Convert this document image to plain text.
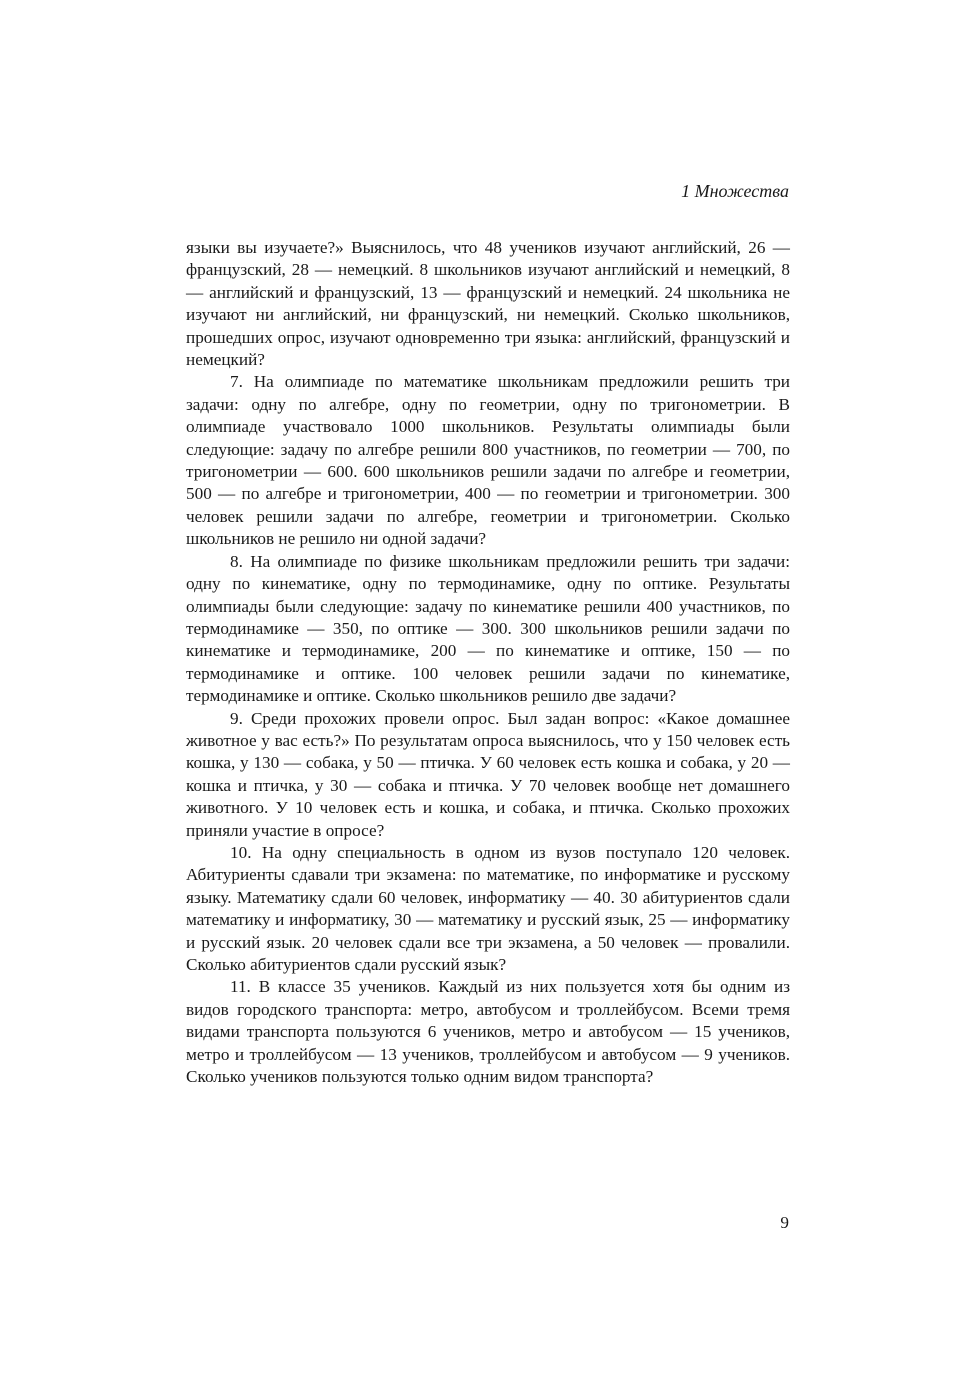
1 Множества

языки вы изучаете?» Выяснилось, что 48 учеников изучают английский, 26 — французский, 28 — немецкий. 8 школьников изучают английский и немецкий, 8 — английский и французский, 13 — французский и немецкий. 24 школьника не изучают ни английский, ни французский, ни немецкий. Сколько школьников, прошедших опрос, изучают одновременно три языка: английский, французский и немецкий?

7. На олимпиаде по математике школьникам предложили решить три задачи: одну по алгебре, одну по геометрии, одну по тригонометрии. В олимпиаде участвовало 1000 школьников. Результаты олимпиады были следующие: задачу по алгебре решили 800 участников, по геометрии — 700, по тригонометрии — 600. 600 школьников решили задачи по алгебре и геометрии, 500 — по алгебре и тригонометрии, 400 — по геометрии и тригонометрии. 300 человек решили задачи по алгебре, геометрии и тригонометрии. Сколько школьников не решило ни одной задачи?

8. На олимпиаде по физике школьникам предложили решить три задачи: одну по кинематике, одну по термодинамике, одну по оптике. Результаты олимпиады были следующие: задачу по кинематике решили 400 участников, по термодинамике — 350, по оптике — 300. 300 школьников решили задачи по кинематике и термодинамике, 200 — по кинематике и оптике, 150 — по термодинамике и оптике. 100 человек решили задачи по кинематике, термодинамике и оптике. Сколько школьников решило две задачи?

9. Среди прохожих провели опрос. Был задан вопрос: «Какое домашнее животное у вас есть?» По результатам опроса выяснилось, что у 150 человек есть кошка, у 130 — собака, у 50 — птичка. У 60 человек есть кошка и собака, у 20 — кошка и птичка, у 30 — собака и птичка. У 70 человек вообще нет домашнего животного. У 10 человек есть и кошка, и собака, и птичка. Сколько прохожих приняли участие в опросе?

10. На одну специальность в одном из вузов поступало 120 человек. Абитуриенты сдавали три экзамена: по математике, по информатике и русскому языку. Математику сдали 60 человек, информатику — 40. 30 абитуриентов сдали математику и информатику, 30 — математику и русский язык, 25 — информатику и русский язык. 20 человек сдали все три экзамена, а 50 человек — провалили. Сколько абитуриентов сдали русский язык?

11. В классе 35 учеников. Каждый из них пользуется хотя бы одним из видов городского транспорта: метро, автобусом и троллейбусом. Всеми тремя видами транспорта пользуются 6 учеников, метро и автобусом — 15 учеников, метро и троллейбусом — 13 учеников, троллейбусом и автобусом — 9 учеников. Сколько учеников пользуются только одним видом транспорта?

9
